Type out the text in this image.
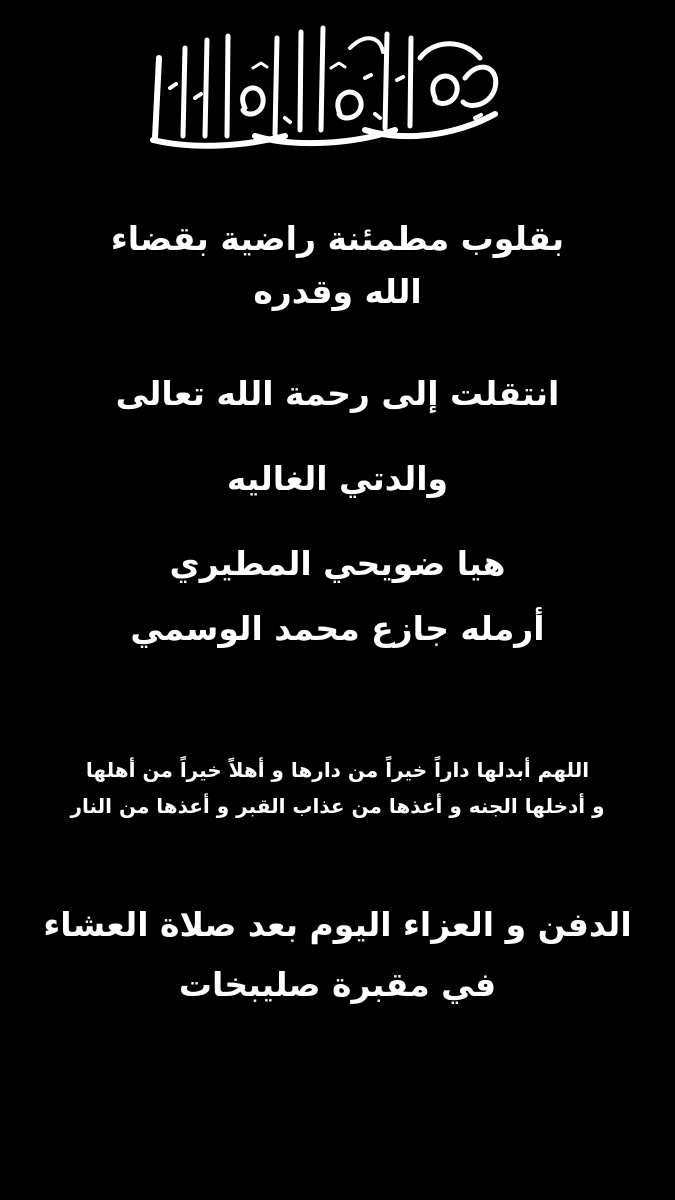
بقلوب مطمئنة راضية بقضاء
الله وقدره
انتقلت إلى رحمة الله تعالى
والدتي الغاليه
هيا ضويحي المطيري
أرمله جازع محمد الوسمي
اللهم أبدلها داراً خيراً من دارها و أهلاً خيراً من أهلها
و أدخلها الجنه و أعذها من عذاب القبر و أعذها من النار
الدفن و العزاء اليوم بعد صلاة العشاء
في مقبرة صليبخات
